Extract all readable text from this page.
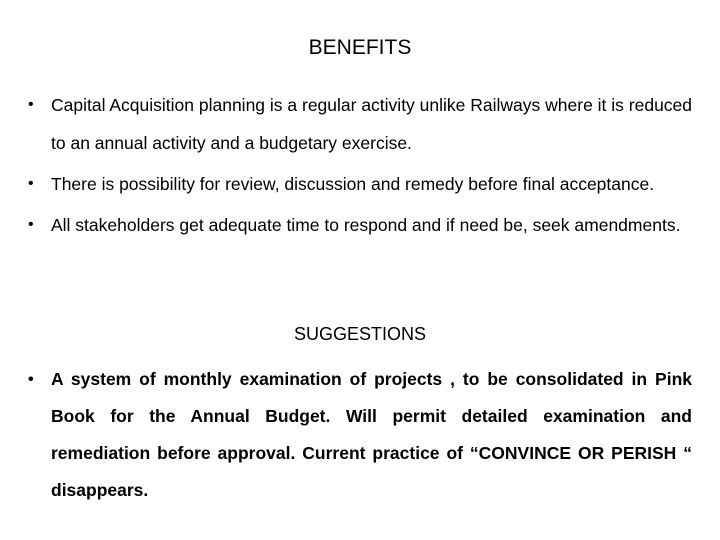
BENEFITS
• Capital Acquisition planning is a regular activity unlike Railways where it is reduced to an annual activity and a budgetary exercise.
• There is possibility for review, discussion and remedy before final acceptance.
• All stakeholders get adequate time to respond and if need be, seek amendments.
SUGGESTIONS
• A system of monthly examination of projects , to be consolidated in Pink Book for the Annual Budget. Will permit detailed examination and remediation before approval. Current practice of “CONVINCE OR PERISH “ disappears.
